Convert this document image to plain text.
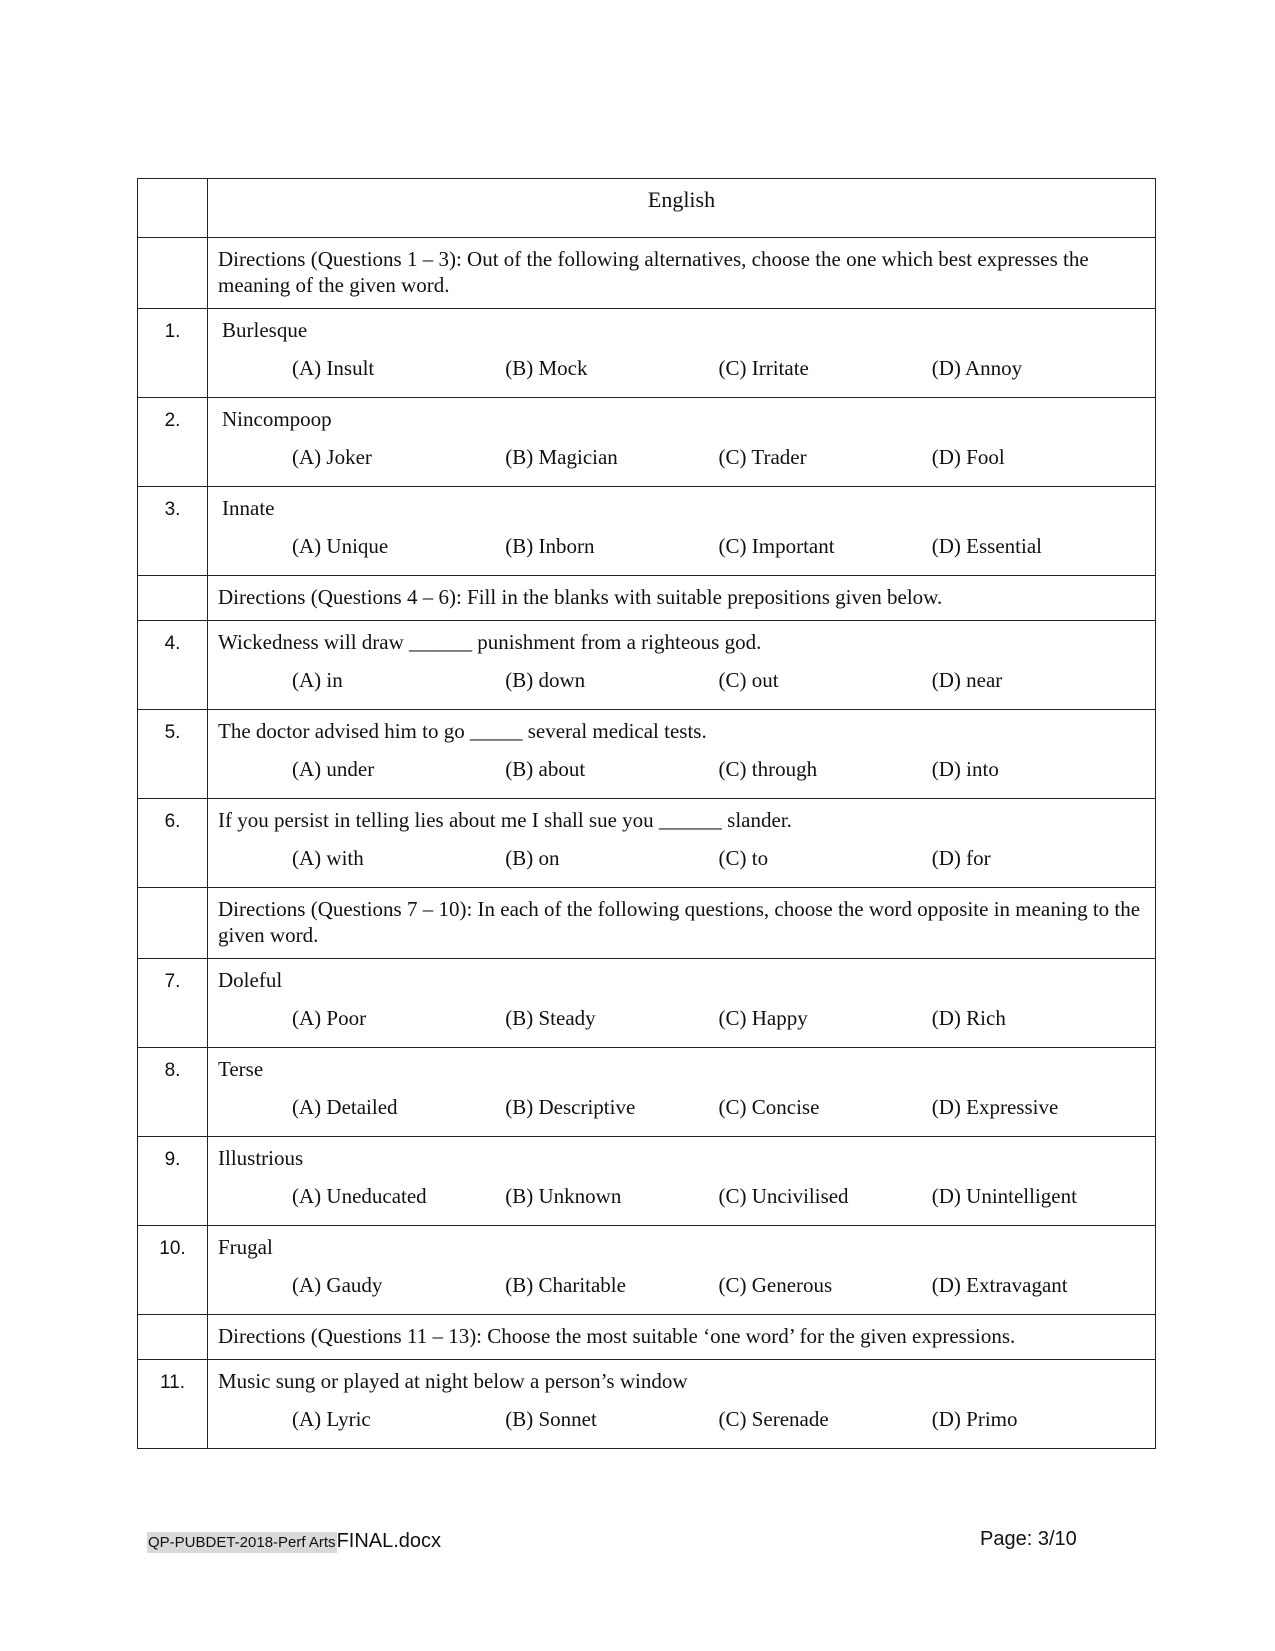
	English
	Directions (Questions 1 – 3): Out of the following alternatives, choose the one which best expresses the meaning of the given word.
1.	Burlesque
(A) Insult (B) Mock (C) Irritate (D) Annoy

2.	Nincompoop
(A) Joker (B) Magician (C) Trader (D) Fool

3.	Innate
(A) Unique (B) Inborn (C) Important (D) Essential

	Directions (Questions 4 – 6): Fill in the blanks with suitable prepositions given below.
4.	Wickedness will draw ______ punishment from a righteous god.
(A) in (B) down (C) out (D) near

5.	The doctor advised him to go _____ several medical tests.
(A) under (B) about (C) through (D) into

6.	If you persist in telling lies about me I shall sue you ______ slander.
(A) with (B) on (C) to (D) for

	Directions (Questions 7 – 10): In each of the following questions, choose the word opposite in meaning to the given word.
7.	Doleful
(A) Poor (B) Steady (C) Happy (D) Rich

8.	Terse
(A) Detailed (B) Descriptive (C) Concise (D) Expressive

9.	Illustrious
(A) Uneducated (B) Unknown (C) Uncivilised (D) Unintelligent

10.	Frugal
(A) Gaudy (B) Charitable (C) Generous (D) Extravagant

	Directions (Questions 11 – 13): Choose the most suitable ‘one word’ for the given expressions.
11.	Music sung or played at night below a person’s window
(A) Lyric (B) Sonnet (C) Serenade (D) Primo
QP-PUBDET-2018-Perf ArtsFINAL.docx	Page: 3/10
